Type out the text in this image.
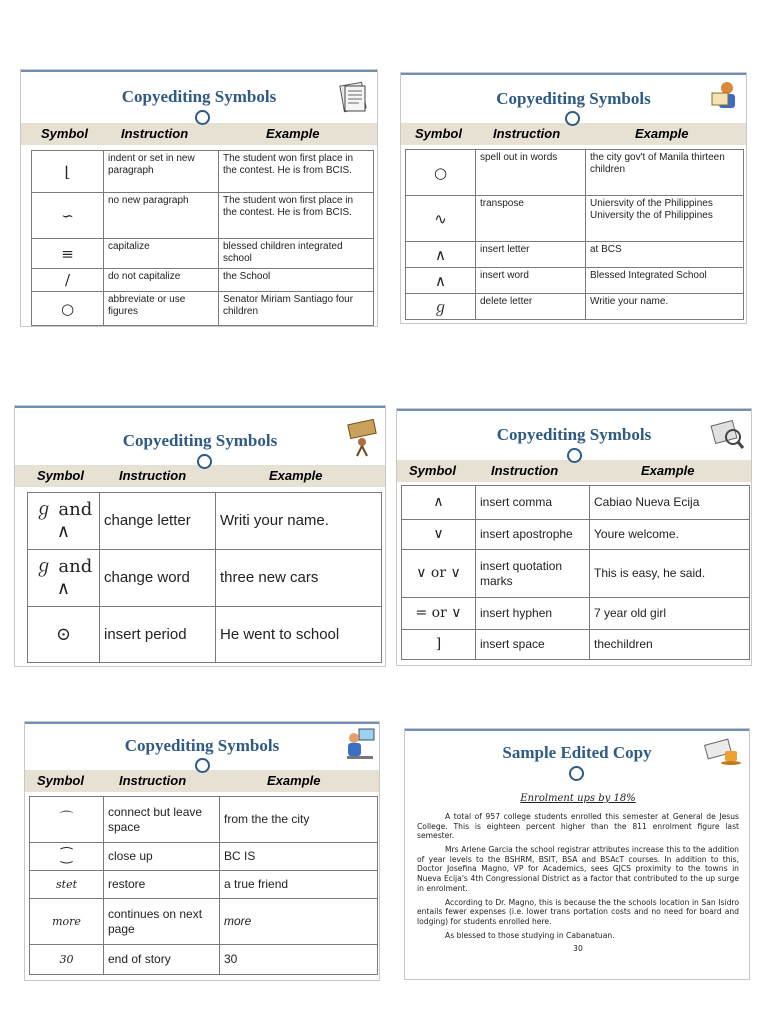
Copyediting Symbols
Symbol	Instruction	Example
⌊	indent or set in new paragraph	The student won first place in the contest. He is from BCIS.
∽	no new paragraph	The student won first place in the contest. He is from BCIS.
≡	capitalize	blessed children integrated school
/	do not capitalize	the School
○	abbreviate or use figures	Senator Miriam Santiago four children
Copyediting Symbols
Symbol Instruction	Example
○	spell out in words	the city gov't of Manila thirteen children
∿	transpose	Uniersvity of the Philippines University the of Philippines
∧	insert letter	at BCS
∧	insert word	Blessed Integrated School
ℊ	delete letter	Writie your name.
Copyediting Symbols
Symbol	Instruction	Example
ℊ and ∧	change letter	Writi your name.
ℊ and ∧	change word	three new cars
⊙	insert period	He went to school
Copyediting Symbols
Symbol	Instruction	Example
∧	insert comma	Cabiao Nueva Ecija
∨	insert apostrophe	Youre welcome.
∨ or ∨	insert quotation marks	This is easy, he said.
= or ∨	insert hyphen	7 year old girl
]	insert space	thechildren
Copyediting Symbols
Symbol	Instruction	Example
⌒	connect but leave space	from the the city
⁐	close up	BC IS
stet	restore	a true friend
more	continues on next page	more
30	end of story	30
Sample Edited Copy

Enrolment ups by 18%

A total of 957 college students enrolled this semester at General de Jesus College. This is eighteen percent higher than the 811 enrolment figure last semester.

Mrs Arlene Garcia the school registrar attributes increase this to the addition of year levels to the BSHRM, BSIT, BSA and BSAcT courses. In addition to this, Doctor Josefina Magno, VP for Academics, sees GJCS proximity to the towns in Nueva Ecija's 4th Congressional District as a factor that contributed to the up surge in enrolment.

According to Dr. Magno, this is because the the schools location in San Isidro entails fewer expenses (i.e. lower trans portation costs and no need for board and lodging) for students enrolled here.

As blessed to those studying in Cabanatuan.

30
